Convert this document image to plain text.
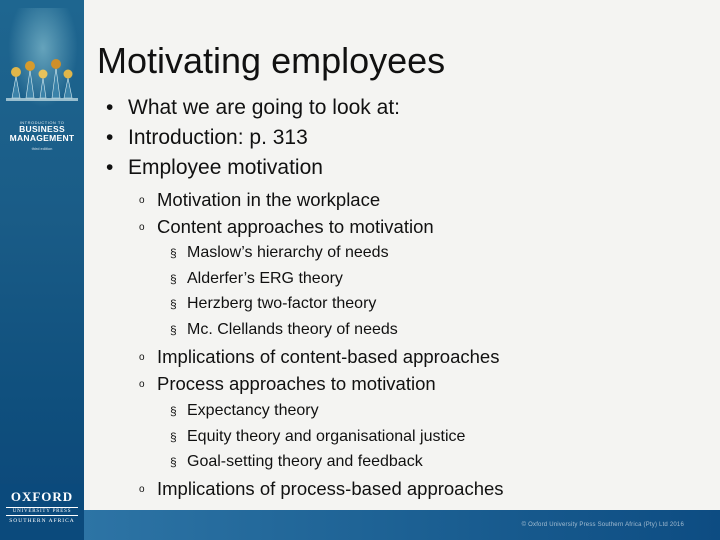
INTRODUCTION TO
BUSINESS
MANAGEMENT
third edition
OXFORD
UNIVERSITY PRESS
SOUTHERN AFRICA
© Oxford University Press Southern Africa (Pty) Ltd 2016
Motivating employees
• What we are going to look at:
• Introduction: p. 313
• Employee motivation
o Motivation in the workplace
o Content approaches to motivation
§ Maslow’s hierarchy of needs
§ Alderfer’s ERG theory
§ Herzberg two-factor theory
§ Mc. Clellands theory of needs
o Implications of content-based approaches
o Process approaches to motivation
§ Expectancy theory
§ Equity theory and organisational justice
§ Goal-setting theory and feedback
o Implications of process-based approaches
